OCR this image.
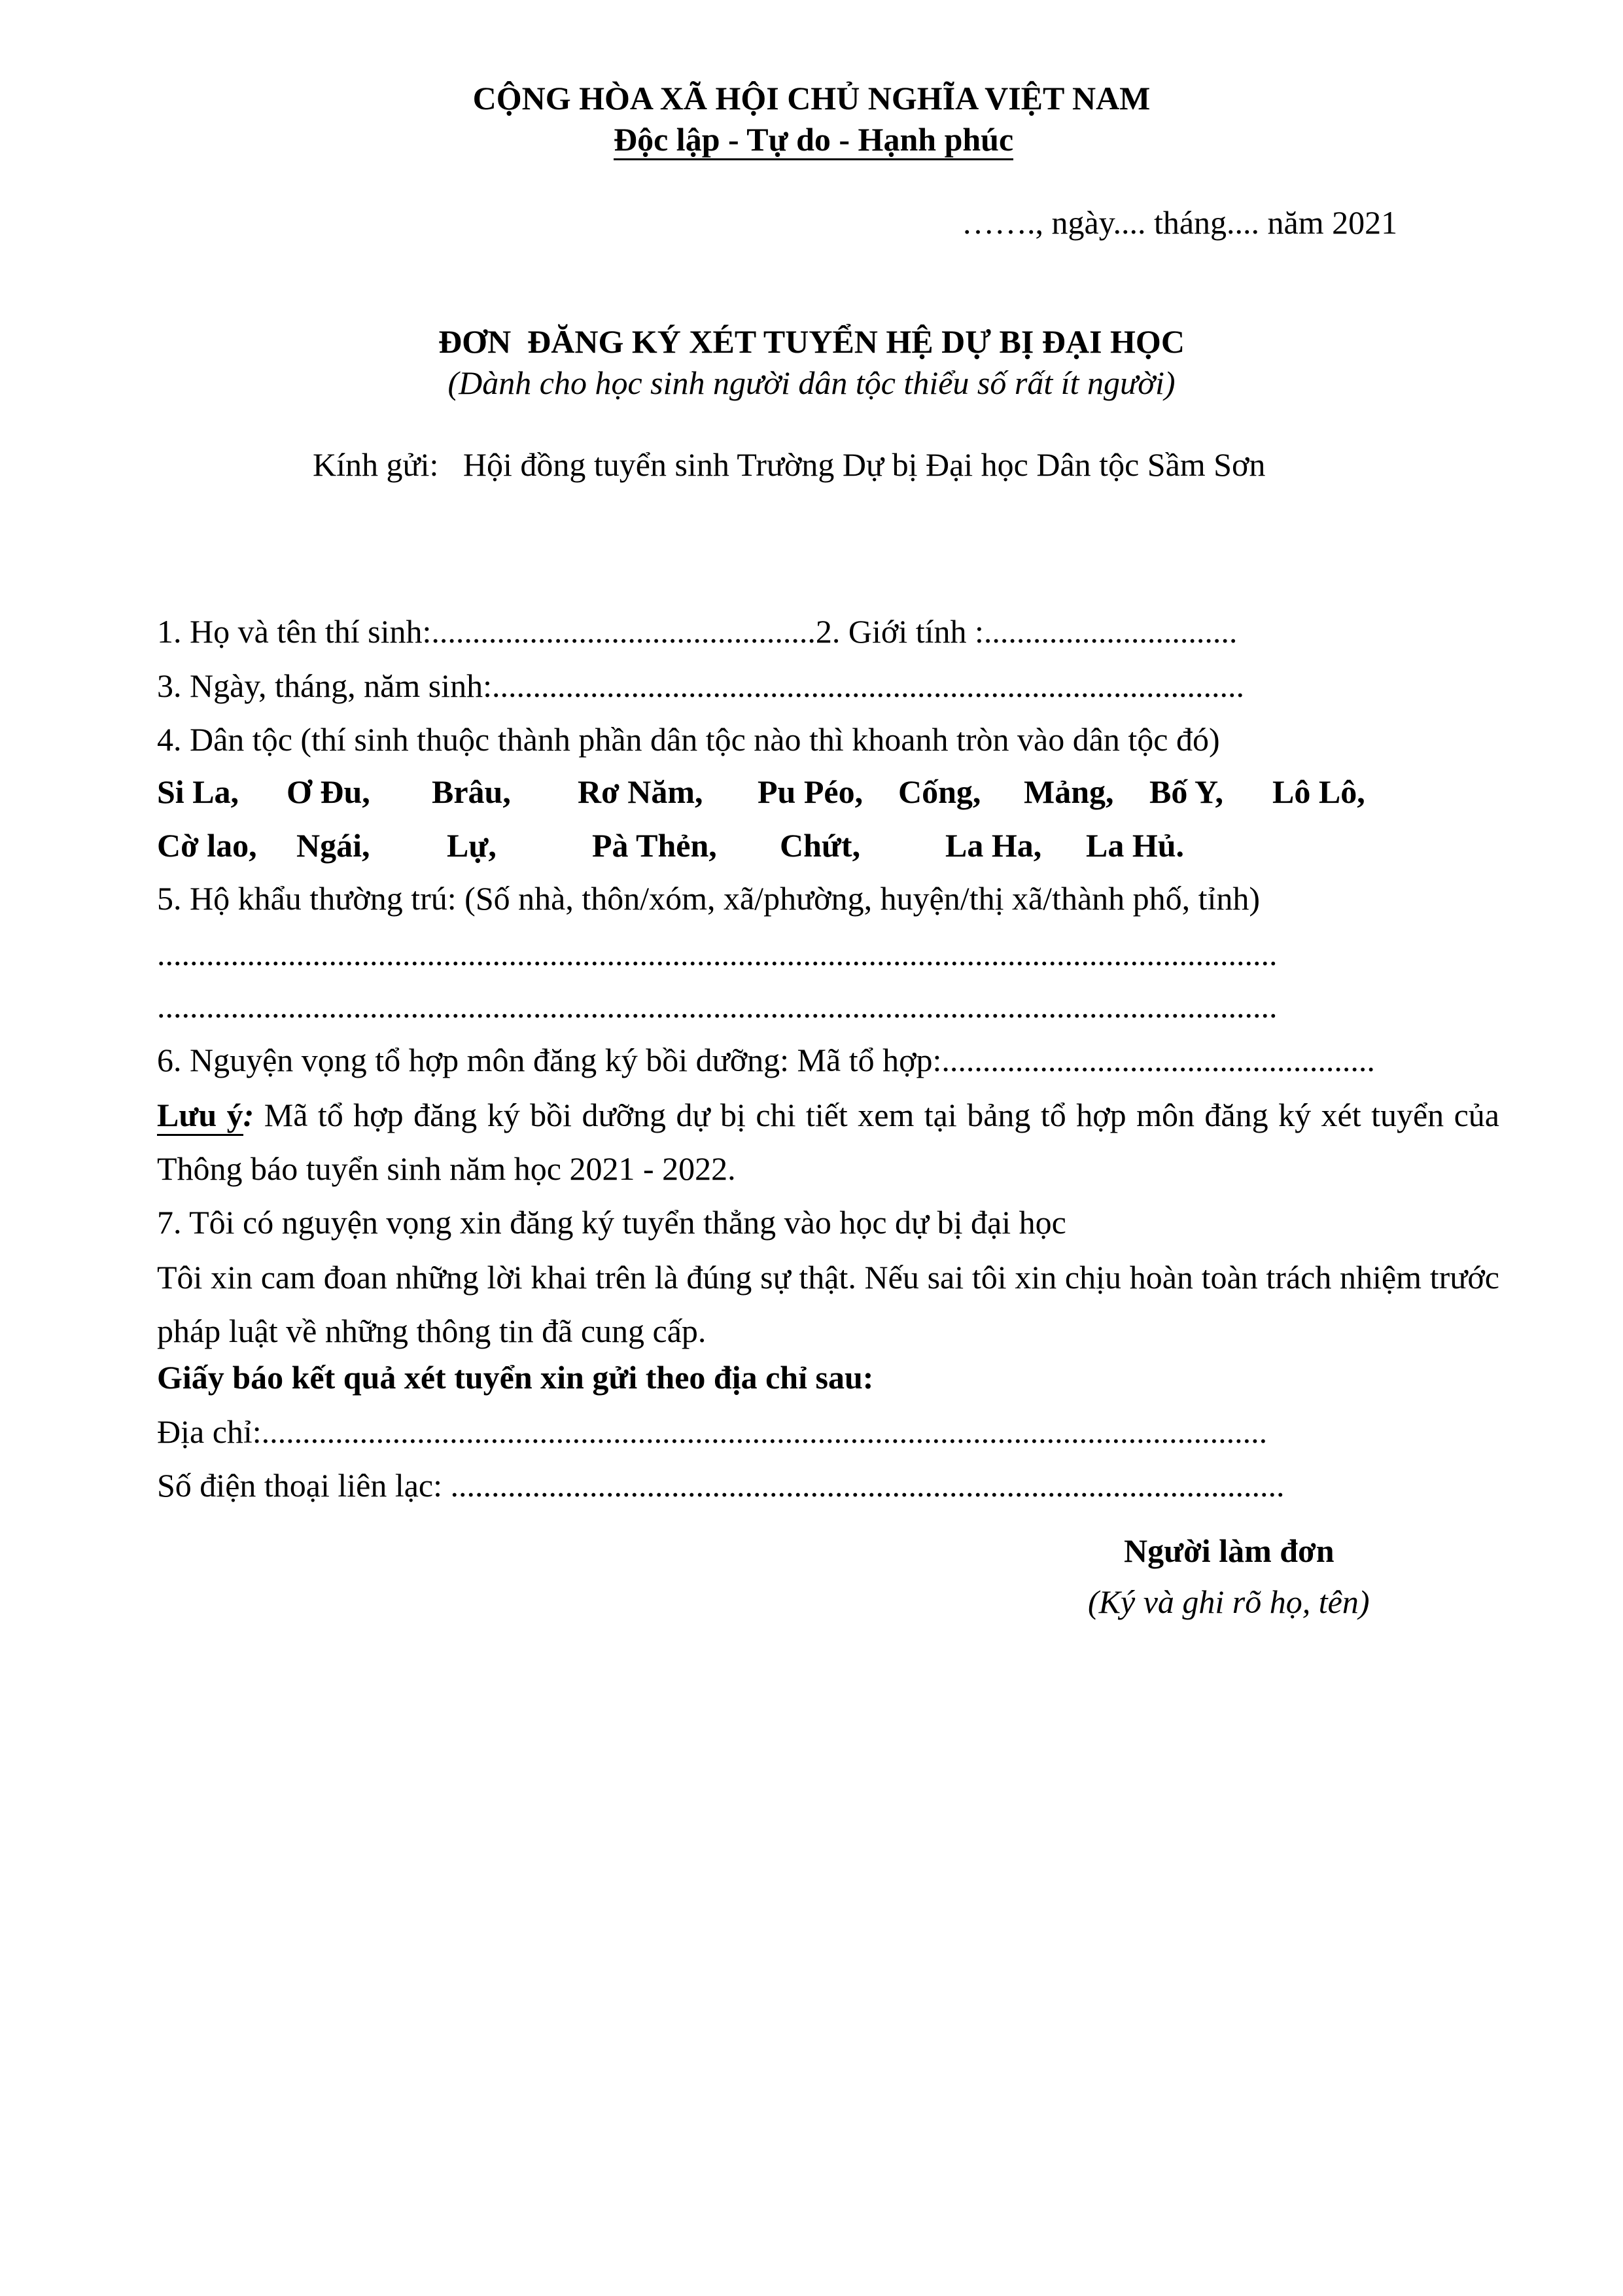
CỘNG HÒA XÃ HỘI CHỦ NGHĨA VIỆT NAM
Độc lập - Tự do - Hạnh phúc
……., ngày.... tháng.... năm 2021
ĐƠN  ĐĂNG KÝ XÉT TUYỂN HỆ DỰ BỊ ĐẠI HỌC
(Dành cho học sinh người dân tộc thiểu số rất ít người)
Kính gửi:   Hội đồng tuyển sinh Trường Dự bị Đại học Dân tộc Sầm Sơn
1. Họ và tên thí sinh:...............................................2. Giới tính :...............................
3. Ngày, tháng, năm sinh:............................................................................................
4. Dân tộc (thí sinh thuộc thành phần dân tộc nào thì khoanh tròn vào dân tộc đó)

Si La,

Ơ Đu,

Brâu,

Rơ Năm,

Pu Péo,

Cống,

Mảng,

Bố Y,

Lô Lô,

Cờ lao,

Ngái,

Lự,

	Pà Thẻn,

Chứt,

	La Ha,

La Hủ.

5. Hộ khẩu thường trú: (Số nhà, thôn/xóm, xã/phường, huyện/thị xã/thành phố, tỉnh)
.........................................................................................................................................
.........................................................................................................................................
6. Nguyện vọng tổ hợp môn đăng ký bồi dưỡng: Mã tổ hợp:.....................................................
Lưu ý: Mã tổ hợp đăng ký bồi dưỡng dự bị chi tiết xem tại bảng tổ hợp môn đăng ký xét tuyển của Thông báo tuyển sinh năm học 2021 - 2022.
7. Tôi có nguyện vọng xin đăng ký tuyển thẳng vào học dự bị đại học
Tôi xin cam đoan những lời khai trên là đúng sự thật. Nếu sai tôi xin chịu hoàn toàn trách nhiệm trước pháp luật về những thông tin đã cung cấp.
Giấy báo kết quả xét tuyển xin gửi theo địa chỉ sau:
Địa chỉ:...........................................................................................................................
Số điện thoại liên lạc: ......................................................................................................
Người làm đơn
(Ký và ghi rõ họ, tên)
